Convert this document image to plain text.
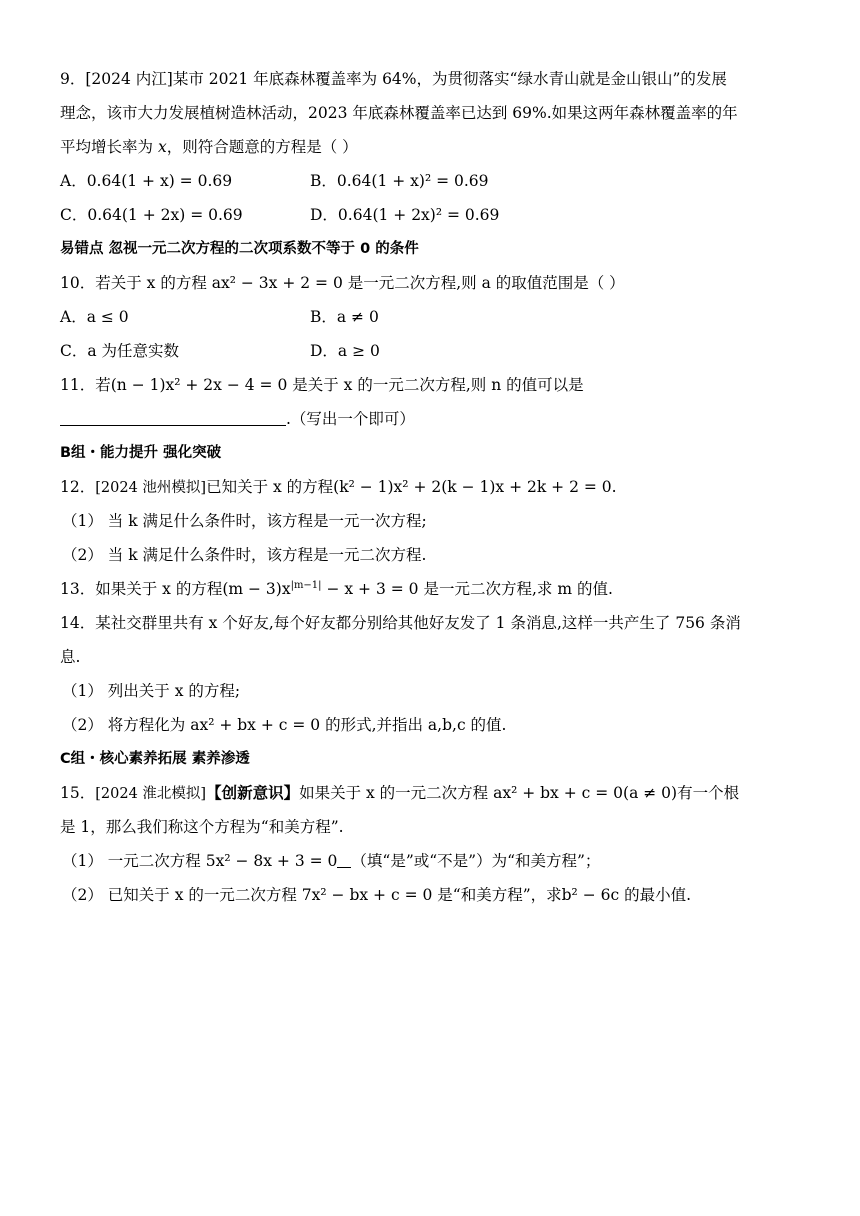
9．[2024 内江]某市 2021 年底森林覆盖率为 64%，为贯彻落实“绿水青山就是金山银山”的发展
理念，该市大力发展植树造林活动，2023 年底森林覆盖率已达到 69%.如果这两年森林覆盖率的年
平均增长率为 x，则符合题意的方程是（ ）
A．0.64(1 + x) = 0.69	B．0.64(1 + x)² = 0.69
C．0.64(1 + 2x) = 0.69	D．0.64(1 + 2x)² = 0.69
易错点 忽视一元二次方程的二次项系数不等于 0 的条件
10．若关于 x 的方程 ax² − 3x + 2 = 0 是一元二次方程,则 a 的取值范围是（ ）
A．a ≤ 0	B．a ≠ 0
C．a 为任意实数	D．a ≥ 0
11．若(n − 1)x² + 2x − 4 = 0 是关于 x 的一元二次方程,则 n 的值可以是
.（写出一个即可）
B组・能力提升 强化突破
12．[2024 池州模拟]已知关于 x 的方程(k² − 1)x² + 2(k − 1)x + 2k + 2 = 0.
（1） 当 k 满足什么条件时，该方程是一元一次方程;
（2） 当 k 满足什么条件时，该方程是一元二次方程.
13．如果关于 x 的方程$(m - 3)x^{|m-1|} - x + 3 = 0$ 是一元二次方程,求 m 的值.
14．某社交群里共有 x 个好友,每个好友都分别给其他好友发了 1 条消息,这样一共产生了 756 条消
息.
（1） 列出关于 x 的方程;
（2） 将方程化为 ax² + bx + c = 0 的形式,并指出 a,b,c 的值.
C组・核心素养拓展 素养渗透
15．[2024 淮北模拟]【创新意识】如果关于 x 的一元二次方程 ax² + bx + c = 0(a ≠ 0)有一个根
是 1，那么我们称这个方程为“和美方程”.
（1） 一元二次方程 5x² − 8x + 3 = 0 （填“是”或“不是”）为“和美方程”；
（2） 已知关于 x 的一元二次方程 7x² − bx + c = 0 是“和美方程”，求b² − 6c 的最小值.
